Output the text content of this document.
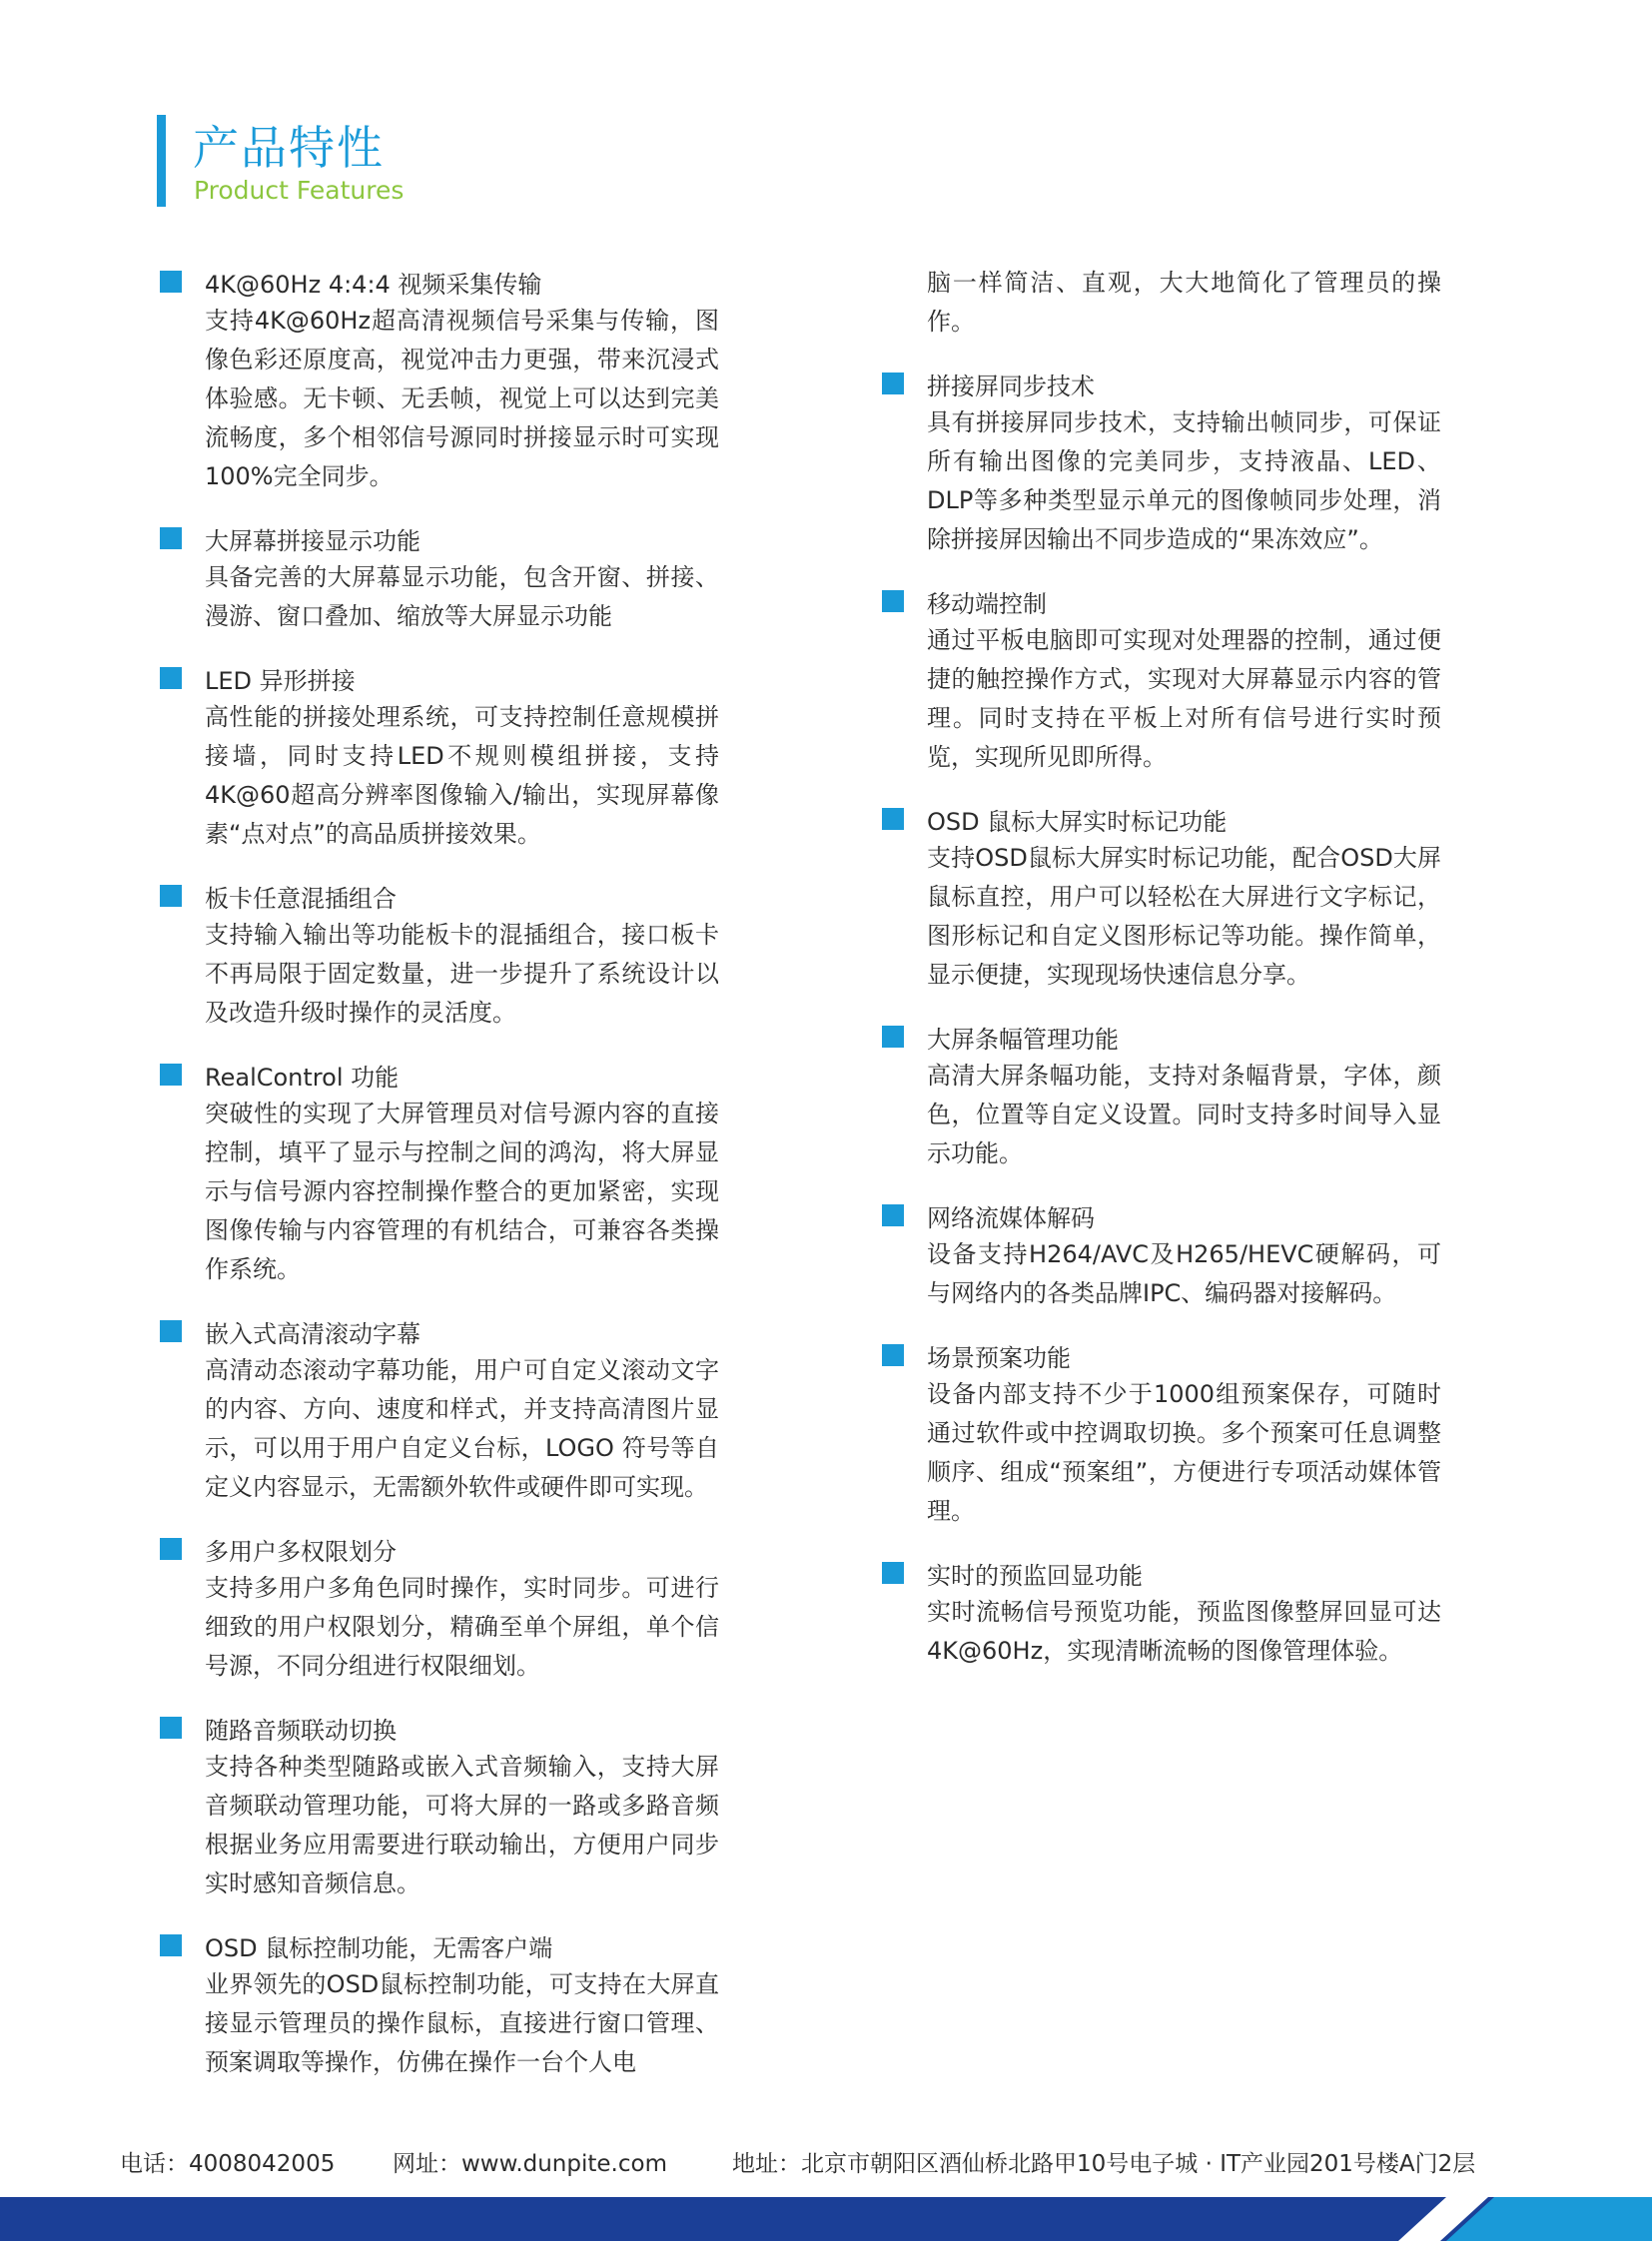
产品特性
Product Features
4K@60Hz 4:4:4 视频采集传输
支持4K@60Hz超高清视频信号采集与传输，图像色彩还原度高，视觉冲击力更强，带来沉浸式体验感。无卡顿、无丢帧，视觉上可以达到完美流畅度，多个相邻信号源同时拼接显示时可实现100%完全同步。
大屏幕拼接显示功能
具备完善的大屏幕显示功能，包含开窗、拼接、漫游、窗口叠加、缩放等大屏显示功能
LED 异形拼接
高性能的拼接处理系统，可支持控制任意规模拼接墙，同时支持LED不规则模组拼接，支持4K@60超高分辨率图像输入/输出，实现屏幕像素“点对点”的高品质拼接效果。
板卡任意混插组合
支持输入输出等功能板卡的混插组合，接口板卡不再局限于固定数量，进一步提升了系统设计以及改造升级时操作的灵活度。
RealControl 功能
突破性的实现了大屏管理员对信号源内容的直接控制，填平了显示与控制之间的鸿沟，将大屏显示与信号源内容控制操作整合的更加紧密，实现图像传输与内容管理的有机结合，可兼容各类操作系统。
嵌入式高清滚动字幕
高清动态滚动字幕功能，用户可自定义滚动文字的内容、方向、速度和样式，并支持高清图片显示，可以用于用户自定义台标，LOGO 符号等自定义内容显示，无需额外软件或硬件即可实现。
多用户多权限划分
支持多用户多角色同时操作，实时同步。可进行细致的用户权限划分，精确至单个屏组，单个信号源，不同分组进行权限细划。
随路音频联动切换
支持各种类型随路或嵌入式音频输入，支持大屏音频联动管理功能，可将大屏的一路或多路音频根据业务应用需要进行联动输出，方便用户同步实时感知音频信息。
OSD 鼠标控制功能，无需客户端
业界领先的OSD鼠标控制功能，可支持在大屏直接显示管理员的操作鼠标，直接进行窗口管理、预案调取等操作，仿佛在操作一台个人电
脑一样简洁、直观，大大地简化了管理员的操作。
拼接屏同步技术
具有拼接屏同步技术，支持输出帧同步，可保证所有输出图像的完美同步，支持液晶、LED、DLP等多种类型显示单元的图像帧同步处理，消除拼接屏因输出不同步造成的“果冻效应”。
移动端控制
通过平板电脑即可实现对处理器的控制，通过便捷的触控操作方式，实现对大屏幕显示内容的管理。同时支持在平板上对所有信号进行实时预览，实现所见即所得。
OSD 鼠标大屏实时标记功能
支持OSD鼠标大屏实时标记功能，配合OSD大屏鼠标直控，用户可以轻松在大屏进行文字标记，图形标记和自定义图形标记等功能。操作简单，显示便捷，实现现场快速信息分享。
大屏条幅管理功能
高清大屏条幅功能，支持对条幅背景，字体，颜色，位置等自定义设置。同时支持多时间导入显示功能。
网络流媒体解码
设备支持H264/AVC及H265/HEVC硬解码，可与网络内的各类品牌IPC、编码器对接解码。
场景预案功能
设备内部支持不少于1000组预案保存，可随时通过软件或中控调取切换。多个预案可任息调整顺序、组成“预案组”，方便进行专项活动媒体管理。
实时的预监回显功能
实时流畅信号预览功能，预监图像整屏回显可达4K@60Hz，实现清晰流畅的图像管理体验。
电话：4008042005	网址：www.dunpite.com	地址：北京市朝阳区酒仙桥北路甲10号电子城 · IT产业园201号楼A门2层
